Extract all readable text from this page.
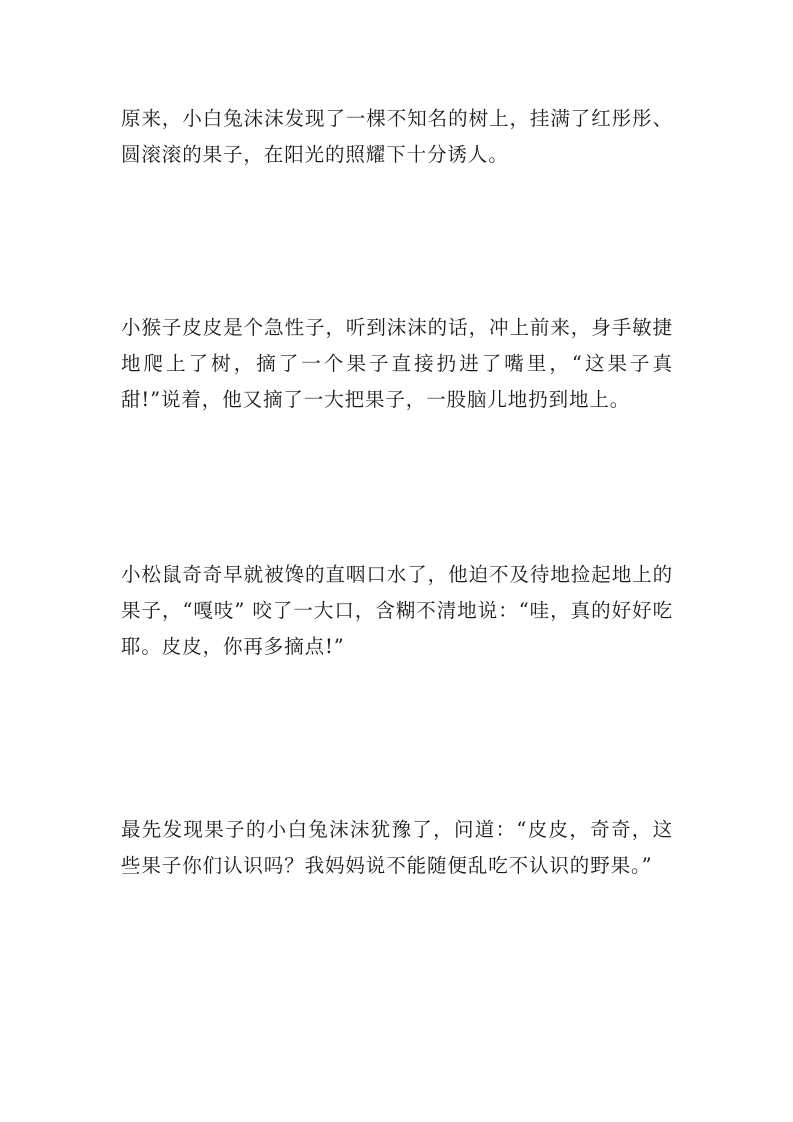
原来，小白兔沫沫发现了一棵不知名的树上，挂满了红彤彤、圆滚滚的果子，在阳光的照耀下十分诱人。

小猴子皮皮是个急性子，听到沫沫的话，冲上前来，身手敏捷地爬上了树，摘了一个果子直接扔进了嘴里，“这果子真甜!”说着，他又摘了一大把果子，一股脑儿地扔到地上。

小松鼠奇奇早就被馋的直咽口水了，他迫不及待地捡起地上的果子，“嘎吱” 咬了一大口，含糊不清地说：“哇，真的好好吃耶。皮皮，你再多摘点!”

最先发现果子的小白兔沫沫犹豫了，问道：“皮皮，奇奇，这些果子你们认识吗？我妈妈说不能随便乱吃不认识的野果。”
